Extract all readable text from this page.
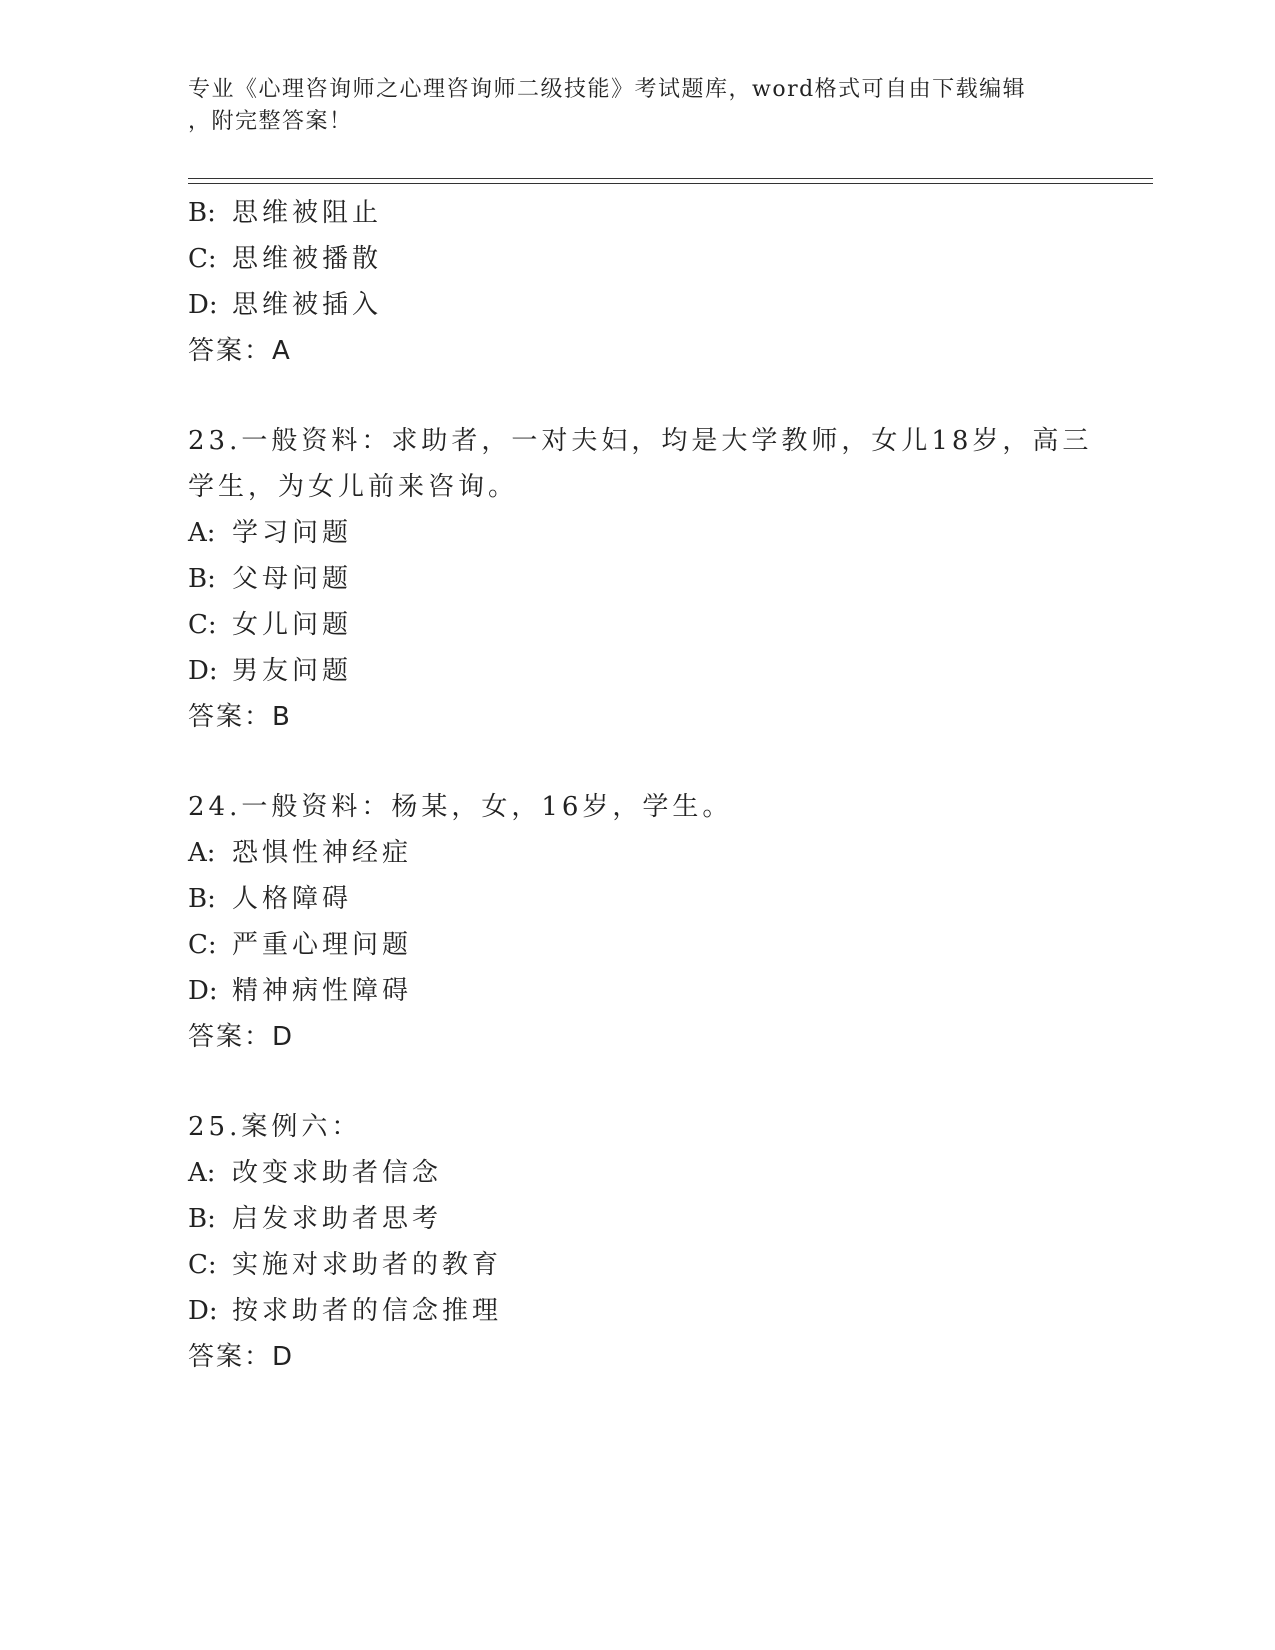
专业《心理咨询师之心理咨询师二级技能》考试题库，word格式可自由下载编辑
，附完整答案！
B: 思维被阻止
C: 思维被播散
D: 思维被插入
答案：A
23.一般资料：求助者，一对夫妇，均是大学教师，女儿18岁，高三
学生，为女儿前来咨询。
A: 学习问题
B: 父母问题
C: 女儿问题
D: 男友问题
答案：B
24.一般资料：杨某，女，16岁，学生。
A: 恐惧性神经症
B: 人格障碍
C: 严重心理问题
D: 精神病性障碍
答案：D
25.案例六：
A: 改变求助者信念
B: 启发求助者思考
C: 实施对求助者的教育
D: 按求助者的信念推理
答案：D
